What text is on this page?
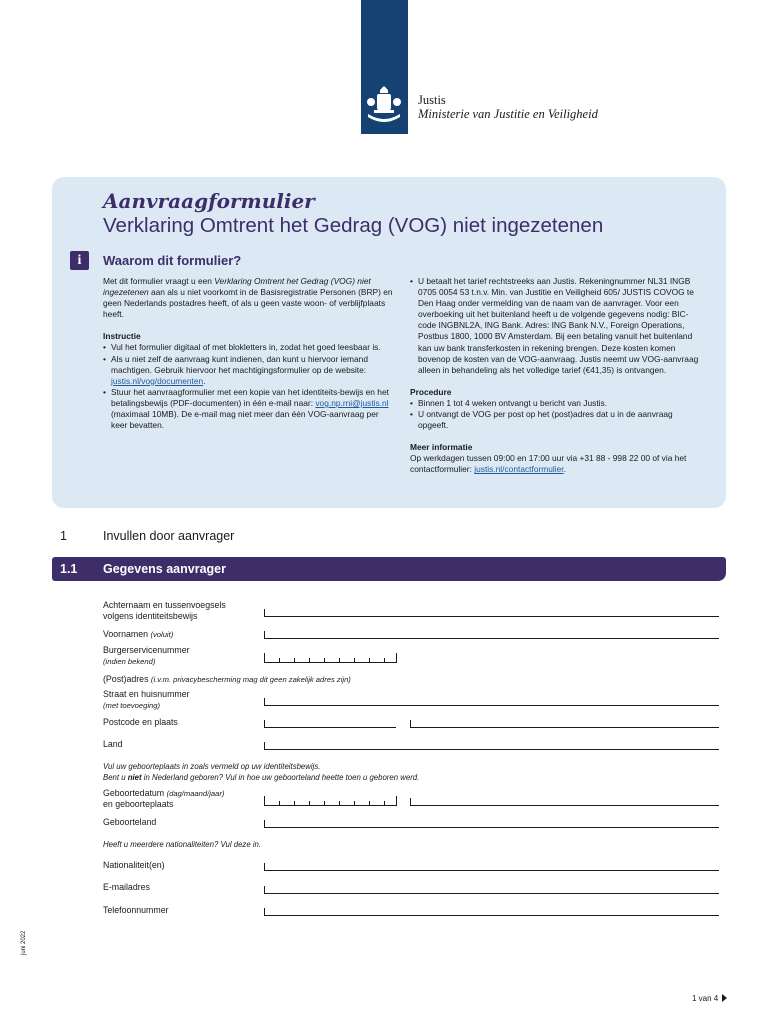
Justis
Ministerie van Justitie en Veiligheid
Aanvraagformulier
Verklaring Omtrent het Gedrag (VOG) niet ingezetenen
i	Waarom dit formulier?
Met dit formulier vraagt u een Verklaring Omtrent het Gedrag (VOG) niet ingezetenen aan als u niet voorkomt in de Basisregistratie Personen (BRP) en geen Nederlands postadres heeft, of als u geen vaste woon- of verblijfplaats heeft.
Instructie
• Vul het formulier digitaal of met blokletters in, zodat het goed leesbaar is.
• Als u niet zelf de aanvraag kunt indienen, dan kunt u hiervoor iemand machtigen. Gebruik hiervoor het machtigingsformulier op de website: justis.nl/vog/documenten.
• Stuur het aanvraagformulier met een kopie van het identiteits-bewijs en het betalingsbewijs (PDF-documenten) in één e-mail naar: vog.np.rni@justis.nl (maximaal 10MB). De e-mail mag niet meer dan één VOG-aanvraag per keer bevatten.
• U betaalt het tarief rechtstreeks aan Justis. Rekeningnummer NL31 INGB 0705 0054 53 t.n.v. Min. van Justitie en Veiligheid 605/ JUSTIS COVOG te Den Haag onder vermelding van de naam van de aanvrager. Voor een overboeking uit het buitenland heeft u de volgende gegevens nodig: BIC-code INGBNL2A, ING Bank. Adres: ING Bank N.V., Foreign Operations, Postbus 1800, 1000 BV Amsterdam. Bij een betaling vanuit het buitenland kan uw bank transferkosten in rekening brengen. Deze kosten komen bovenop de kosten van de VOG-aanvraag. Justis neemt uw VOG-aanvraag alleen in behandeling als het volledige tarief (€41,35) is ontvangen.
Procedure
• Binnen 1 tot 4 weken ontvangt u bericht van Justis.
• U ontvangt de VOG per post op het (post)adres dat u in de aanvraag opgeeft.
Meer informatie
Op werkdagen tussen 09:00 en 17:00 uur via +31 88 - 998 22 00 of via het contactformulier: justis.nl/contactformulier.
1	Invullen door aanvrager
1.1 Gegevens aanvrager
Achternaam en tussenvoegsels
volgens identiteitsbewijs
Voornamen (voluit)
Burgerservicenummer
(indien bekend)
(Post)adres (i.v.m. privacybescherming mag dit geen zakelijk adres zijn)
Straat en huisnummer
(met toevoeging)
Postcode en plaats
Land
Vul uw geboorteplaats in zoals vermeld op uw identiteitsbewijs.
Bent u niet in Nederland geboren? Vul in hoe uw geboorteland heette toen u geboren werd.
Geboortedatum (dag/maand/jaar)
en geboorteplaats
Geboorteland
Heeft u meerdere nationaliteiten? Vul deze in.
Nationaliteit(en)
E-mailadres
Telefoonnummer
juni 2022
1 van 4
